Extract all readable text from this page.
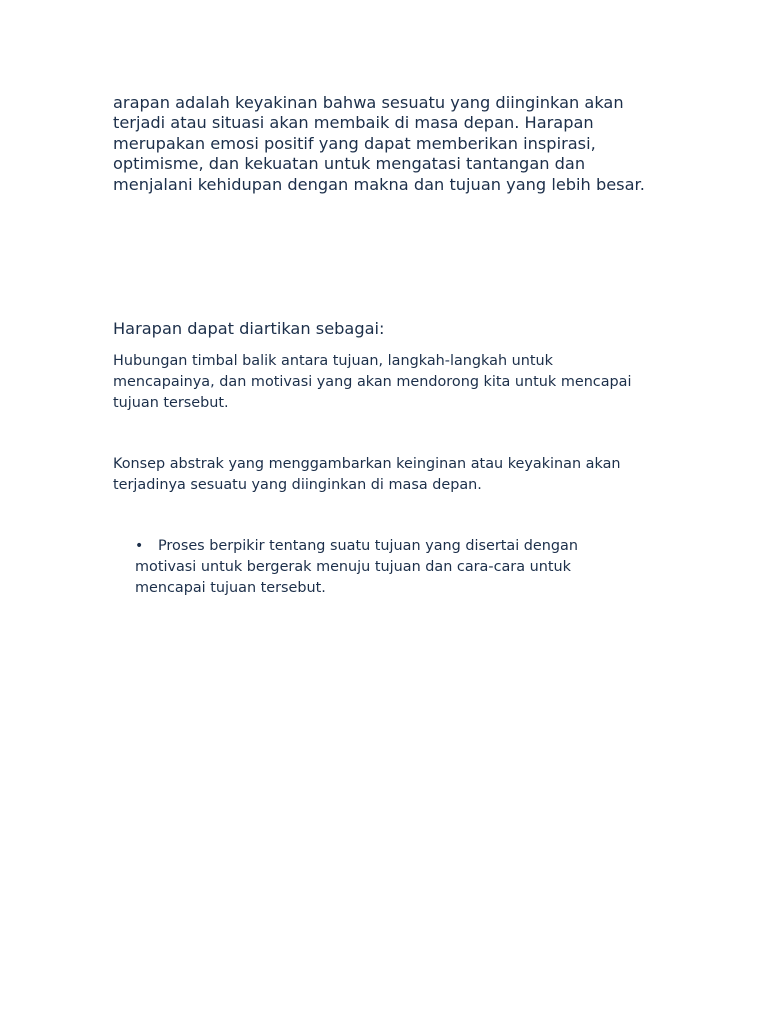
arapan adalah keyakinan bahwa sesuatu yang diinginkan akan terjadi atau situasi akan membaik di masa depan. Harapan merupakan emosi positif yang dapat memberikan inspirasi, optimisme, dan kekuatan untuk mengatasi tantangan dan menjalani kehidupan dengan makna dan tujuan yang lebih besar.

Harapan dapat diartikan sebagai:

Hubungan timbal balik antara tujuan, langkah-langkah untuk mencapainya, dan motivasi yang akan mendorong kita untuk mencapai tujuan tersebut.

Konsep abstrak yang menggambarkan keinginan atau keyakinan akan terjadinya sesuatu yang diinginkan di masa depan.

• Proses berpikir tentang suatu tujuan yang disertai dengan motivasi untuk bergerak menuju tujuan dan cara-cara untuk mencapai tujuan tersebut.
